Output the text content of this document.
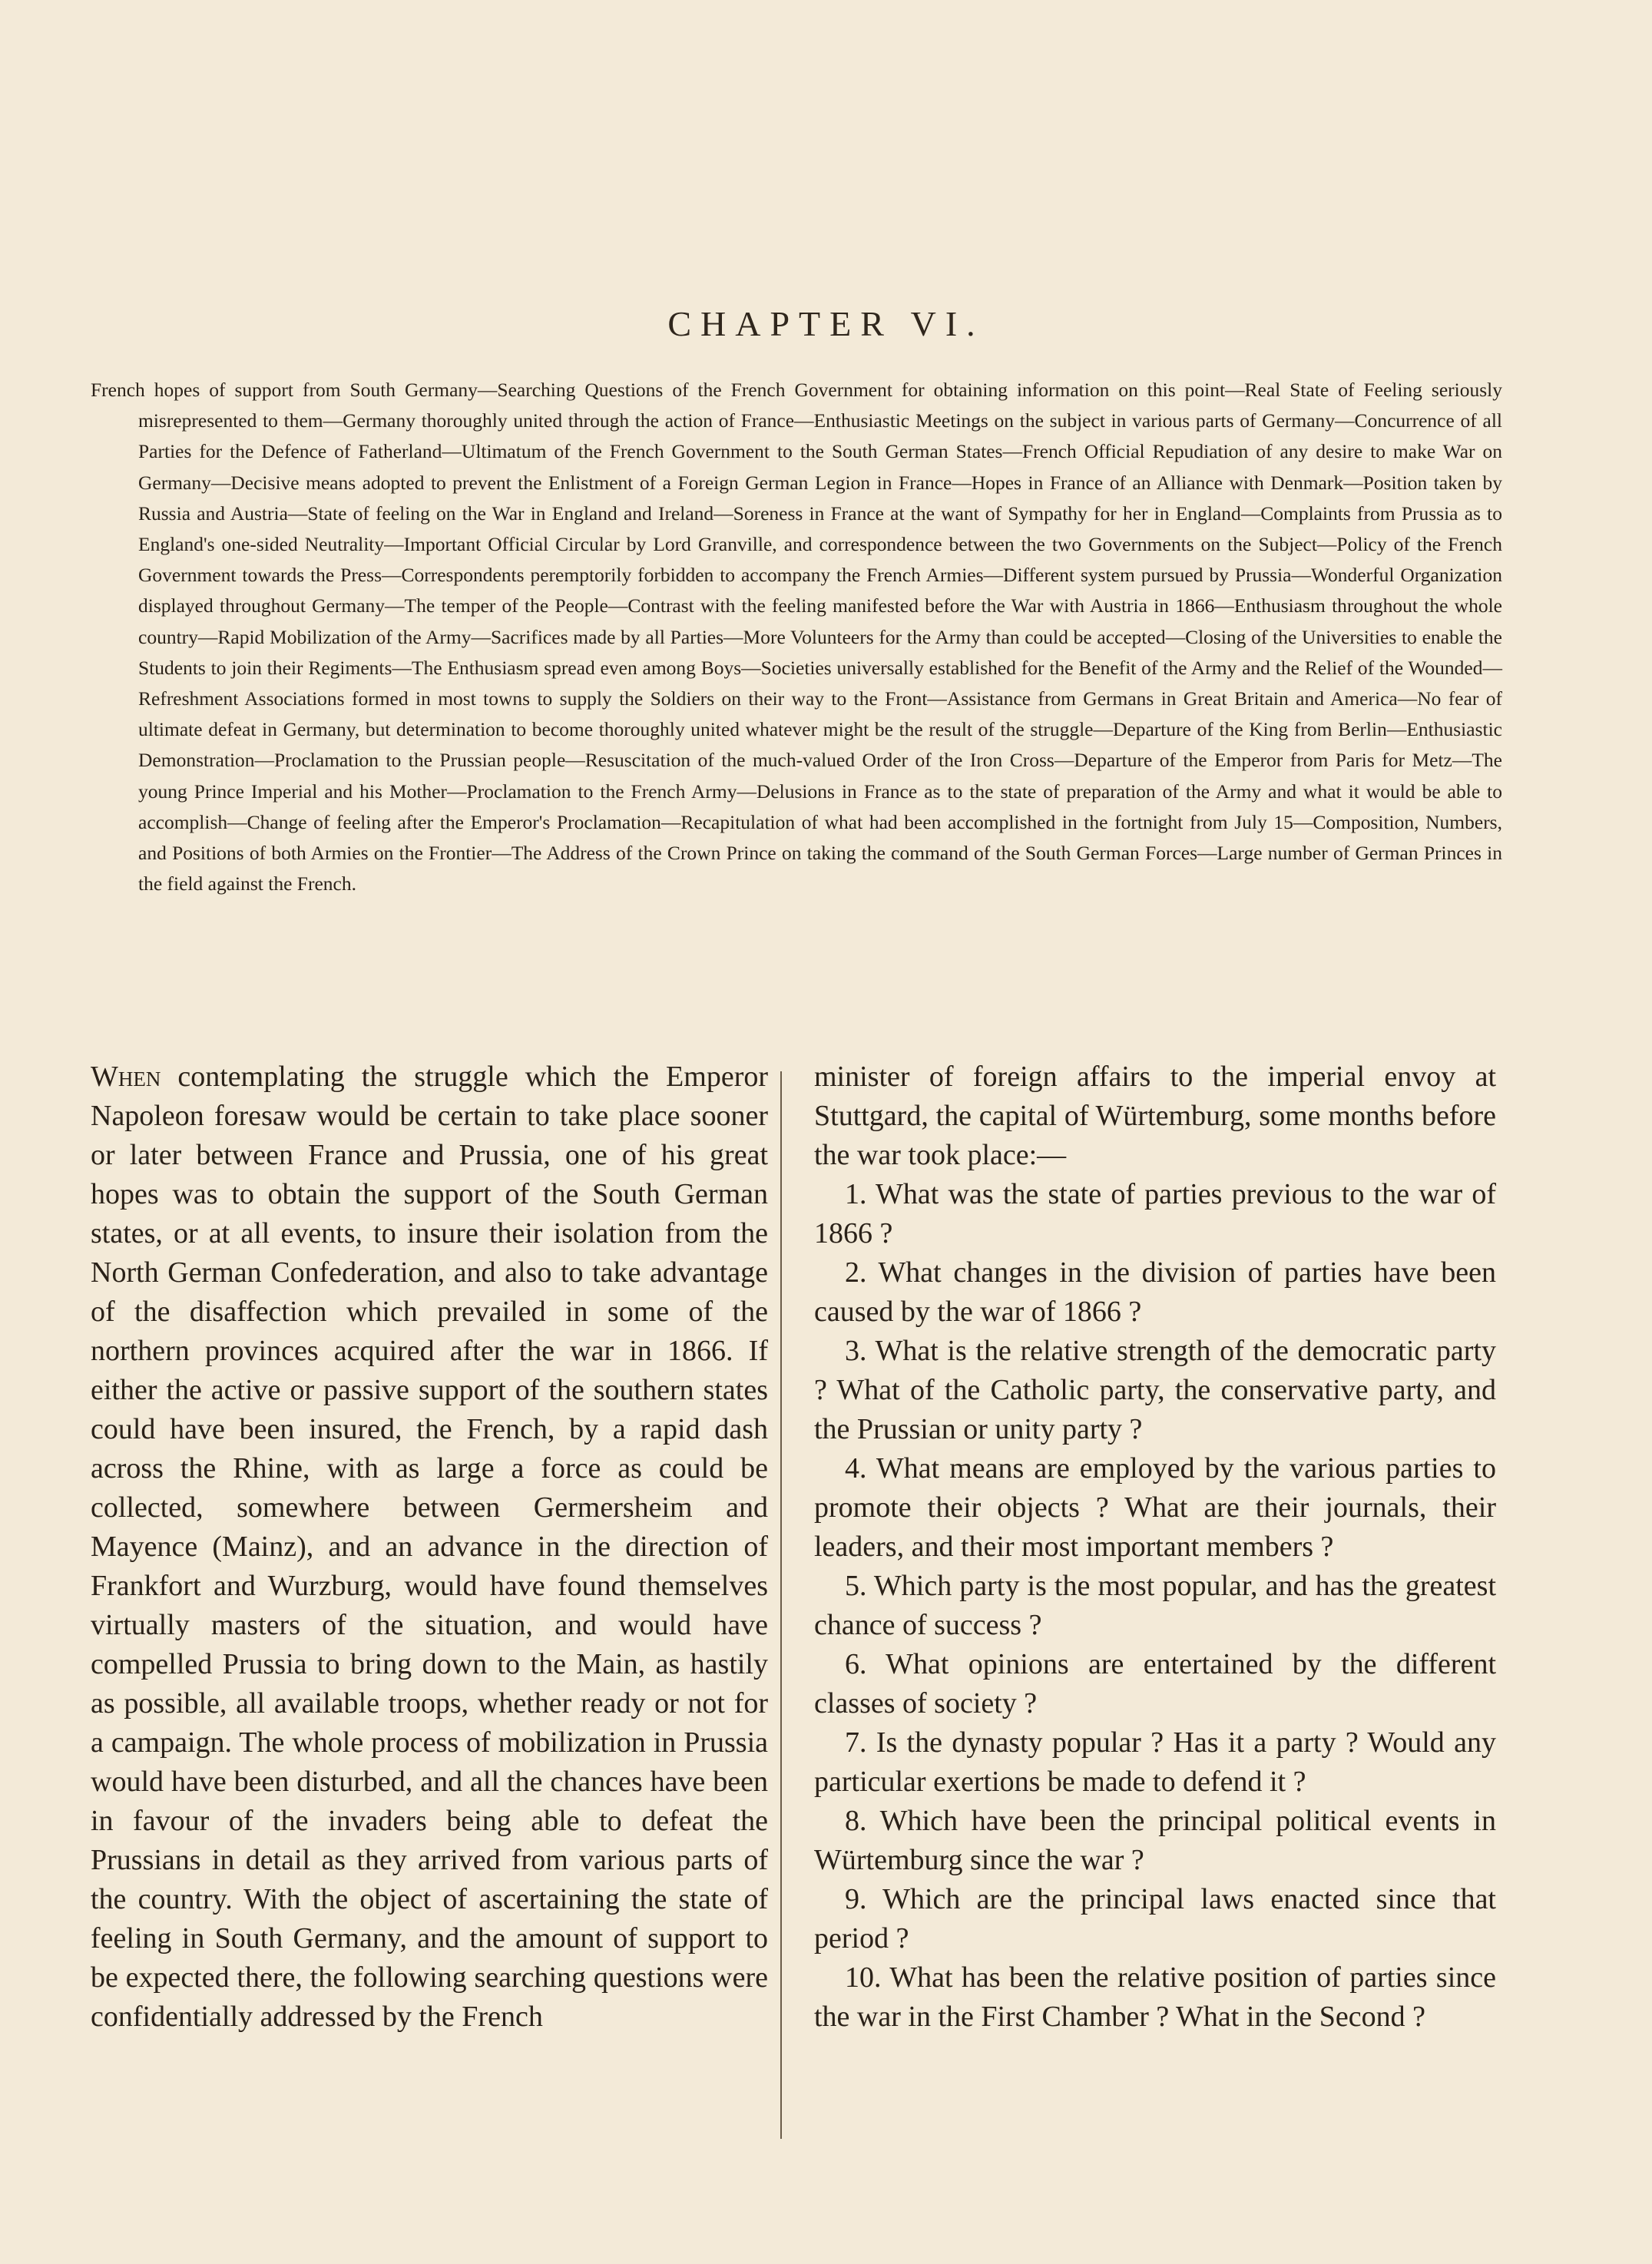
CHAPTER VI.

French hopes of support from South Germany—Searching Questions of the French Government for obtaining information on this point—Real State of Feeling seriously misrepresented to them—Germany thoroughly united through the action of France—Enthusiastic Meetings on the subject in various parts of Germany—Concurrence of all Parties for the Defence of Fatherland—Ultimatum of the French Government to the South German States—French Official Repudiation of any desire to make War on Germany—Decisive means adopted to prevent the Enlistment of a Foreign German Legion in France—Hopes in France of an Alliance with Denmark—Position taken by Russia and Austria—State of feeling on the War in England and Ireland—Soreness in France at the want of Sympathy for her in England—Complaints from Prussia as to England's one-sided Neutrality—Important Official Circular by Lord Granville, and correspondence between the two Governments on the Subject—Policy of the French Government towards the Press—Correspondents peremptorily forbidden to accompany the French Armies—Different system pursued by Prussia—Wonderful Organization displayed throughout Germany—The temper of the People—Contrast with the feeling manifested before the War with Austria in 1866—Enthusiasm throughout the whole country—Rapid Mobilization of the Army—Sacrifices made by all Parties—More Volunteers for the Army than could be accepted—Closing of the Universities to enable the Students to join their Regiments—The Enthusiasm spread even among Boys—Societies universally established for the Benefit of the Army and the Relief of the Wounded—Refreshment Associations formed in most towns to supply the Soldiers on their way to the Front—Assistance from Germans in Great Britain and America—No fear of ultimate defeat in Germany, but determination to become thoroughly united whatever might be the result of the struggle—Departure of the King from Berlin—Enthusiastic Demonstration—Proclamation to the Prussian people—Resuscitation of the much-valued Order of the Iron Cross—Departure of the Emperor from Paris for Metz—The young Prince Imperial and his Mother—Proclamation to the French Army—Delusions in France as to the state of preparation of the Army and what it would be able to accomplish—Change of feeling after the Emperor's Proclamation—Recapitulation of what had been accomplished in the fortnight from July 15—Composition, Numbers, and Positions of both Armies on the Frontier—The Address of the Crown Prince on taking the command of the South German Forces—Large number of German Princes in the field against the French.

When contemplating the struggle which the Emperor Napoleon foresaw would be certain to take place sooner or later between France and Prussia, one of his great hopes was to obtain the support of the South German states, or at all events, to insure their isolation from the North German Confederation, and also to take advantage of the disaffection which prevailed in some of the northern provinces acquired after the war in 1866. If either the active or passive support of the southern states could have been insured, the French, by a rapid dash across the Rhine, with as large a force as could be collected, somewhere between Germersheim and Mayence (Mainz), and an advance in the direction of Frankfort and Wurzburg, would have found themselves virtually masters of the situation, and would have compelled Prussia to bring down to the Main, as hastily as possible, all available troops, whether ready or not for a campaign. The whole process of mobilization in Prussia would have been disturbed, and all the chances have been in favour of the invaders being able to defeat the Prussians in detail as they arrived from various parts of the country. With the object of ascertaining the state of feeling in South Germany, and the amount of support to be expected there, the following searching questions were confidentially addressed by the French

minister of foreign affairs to the imperial envoy at Stuttgard, the capital of Würtemburg, some months before the war took place:—

1. What was the state of parties previous to the war of 1866 ?

2. What changes in the division of parties have been caused by the war of 1866 ?

3. What is the relative strength of the democratic party ? What of the Catholic party, the conservative party, and the Prussian or unity party ?

4. What means are employed by the various parties to promote their objects ? What are their journals, their leaders, and their most important members ?

5. Which party is the most popular, and has the greatest chance of success ?

6. What opinions are entertained by the different classes of society ?

7. Is the dynasty popular ? Has it a party ? Would any particular exertions be made to defend it ?

8. Which have been the principal political events in Würtemburg since the war ?

9. Which are the principal laws enacted since that period ?

10. What has been the relative position of parties since the war in the First Chamber ? What in the Second ?
